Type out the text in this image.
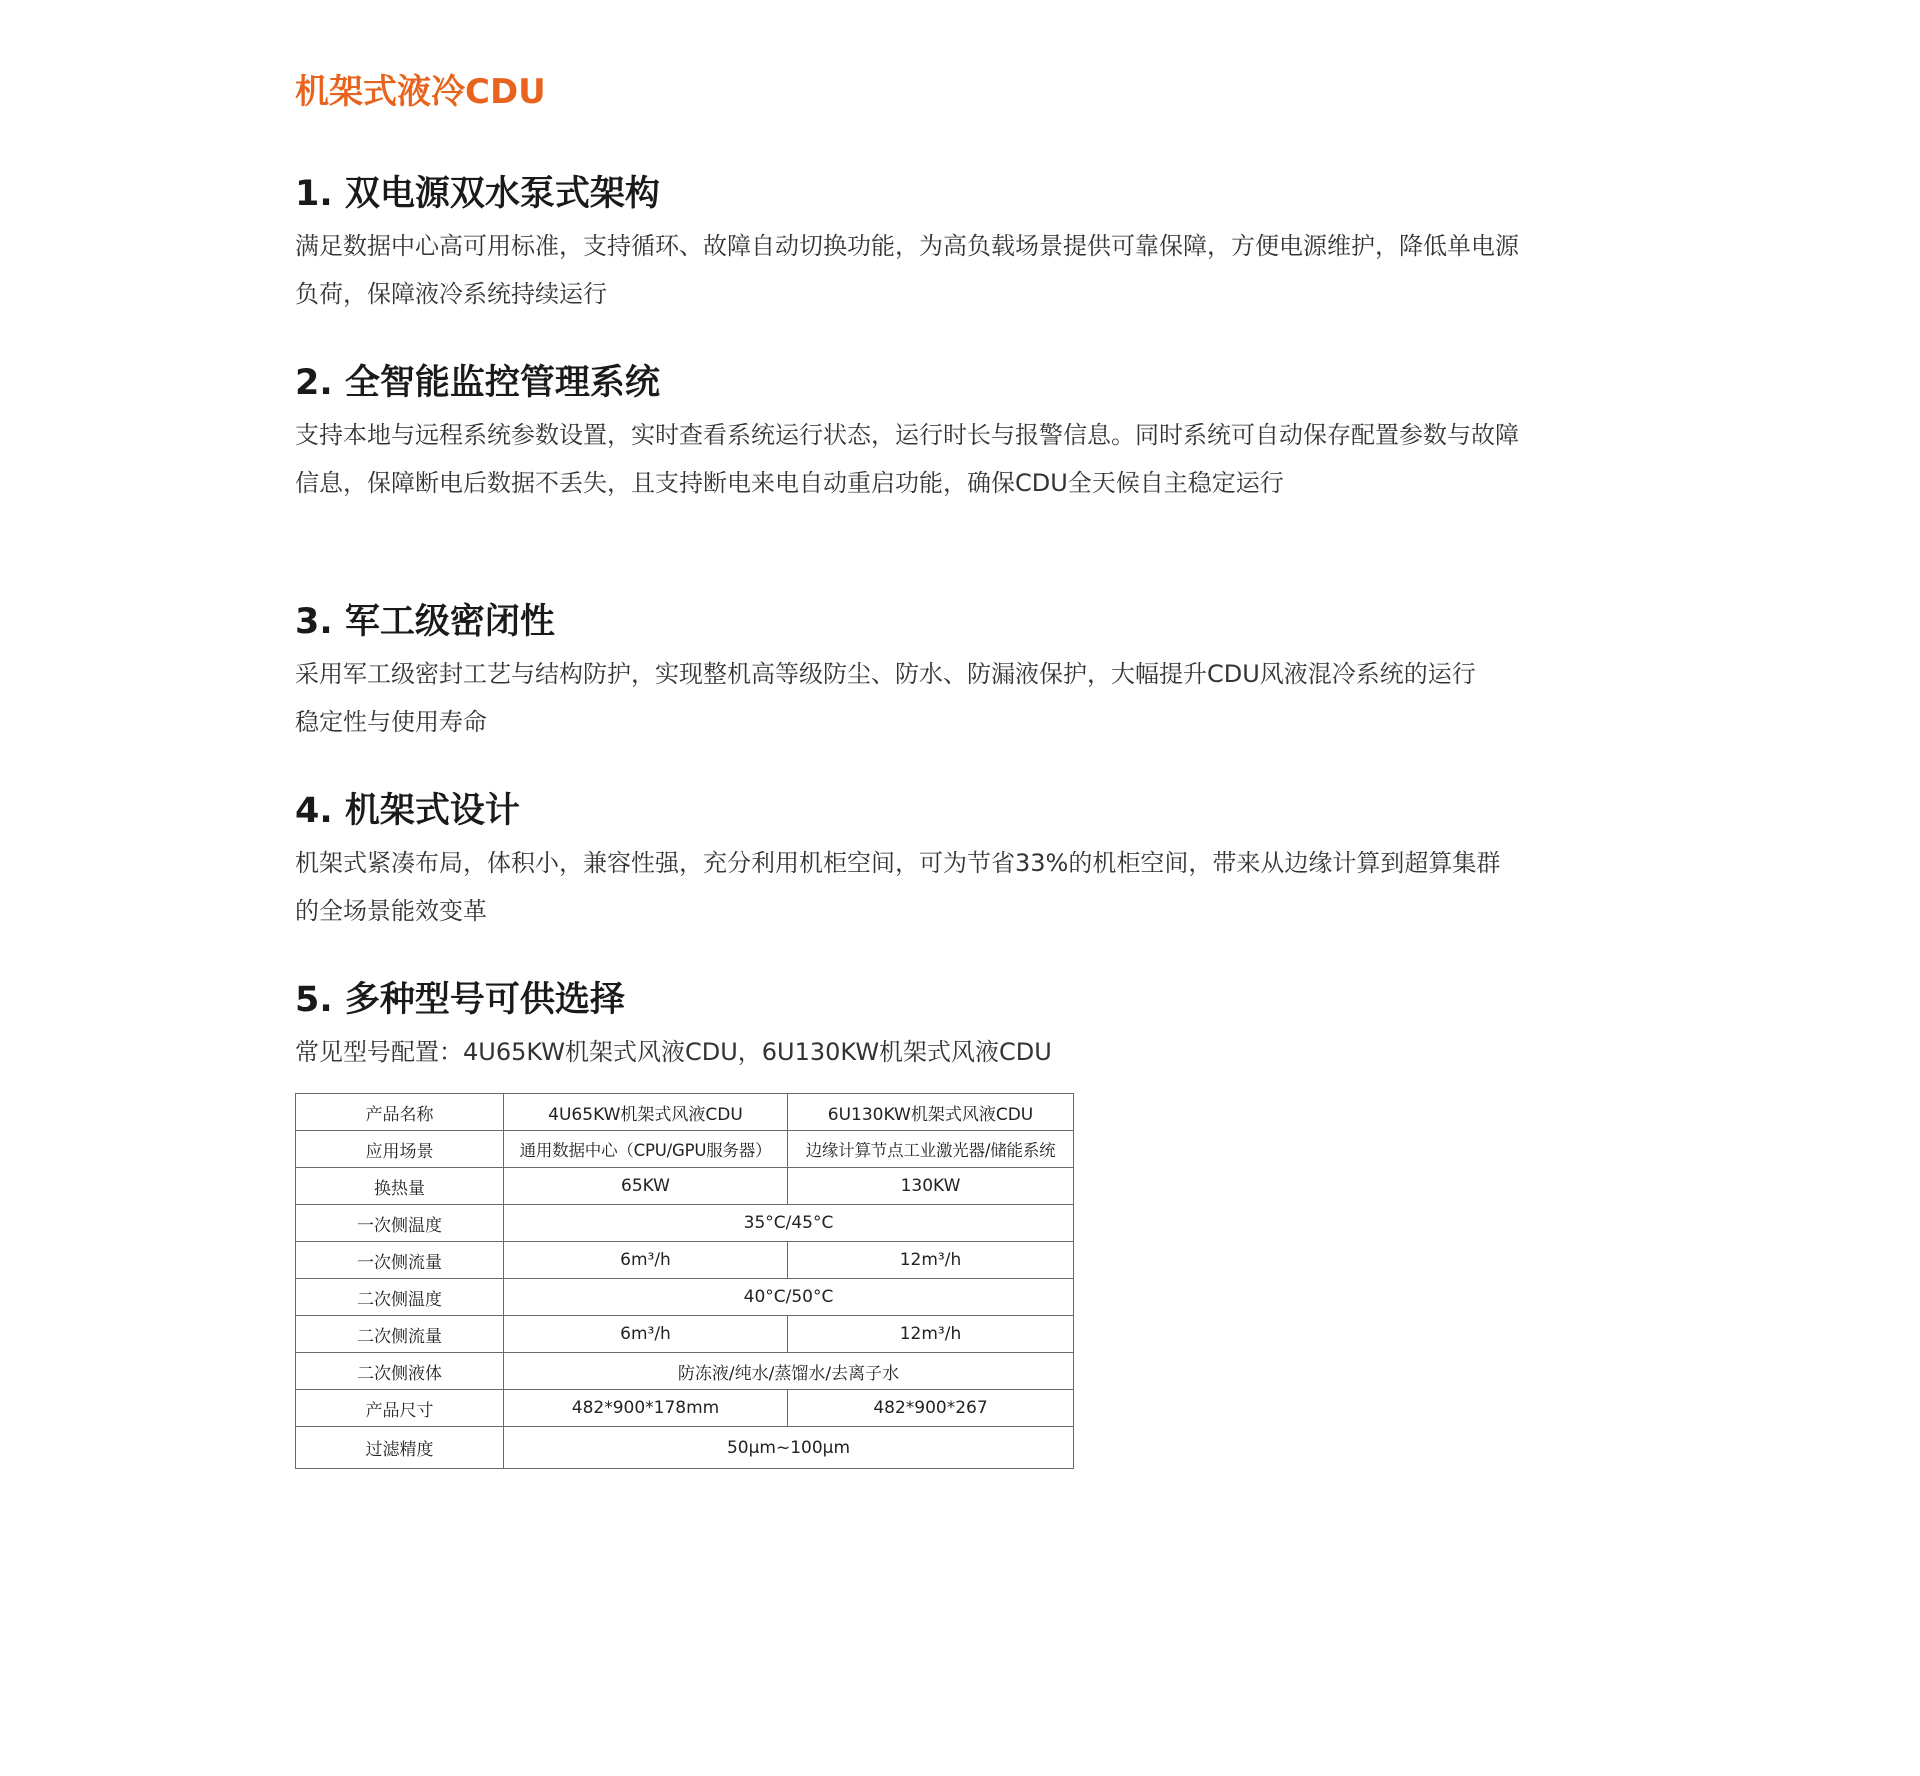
机架式液冷CDU
1. 双电源双水泵式架构

满足数据中心高可用标准，支持循环、故障自动切换功能，为高负载场景提供可靠保障，方便电源维护，降低单电源
负荷，保障液冷系统持续运行

2. 全智能监控管理系统

支持本地与远程系统参数设置，实时查看系统运行状态，运行时长与报警信息。同时系统可自动保存配置参数与故障
信息，保障断电后数据不丢失，且支持断电来电自动重启功能，确保CDU全天候自主稳定运行

3. 军工级密闭性

采用军工级密封工艺与结构防护，实现整机高等级防尘、防水、防漏液保护，大幅提升CDU风液混冷系统的运行
稳定性与使用寿命

4. 机架式设计

机架式紧凑布局，体积小，兼容性强，充分利用机柜空间，可为节省33%的机柜空间，带来从边缘计算到超算集群
的全场景能效变革

5. 多种型号可供选择

常见型号配置：4U65KW机架式风液CDU，6U130KW机架式风液CDU

产品名称	4U65KW机架式风液CDU	6U130KW机架式风液CDU
应用场景	通用数据中心（CPU/GPU服务器）	边缘计算节点工业激光器/储能系统
换热量	65KW	130KW
一次侧温度	35°C/45°C	
一次侧流量	6m³/h	12m³/h
二次侧温度	40°C/50°C	
二次侧流量	6m³/h	12m³/h
二次侧液体	防冻液/纯水/蒸馏水/去离子水	
产品尺寸	482*900*178mm	482*900*267
过滤精度	50μm~100μm	
